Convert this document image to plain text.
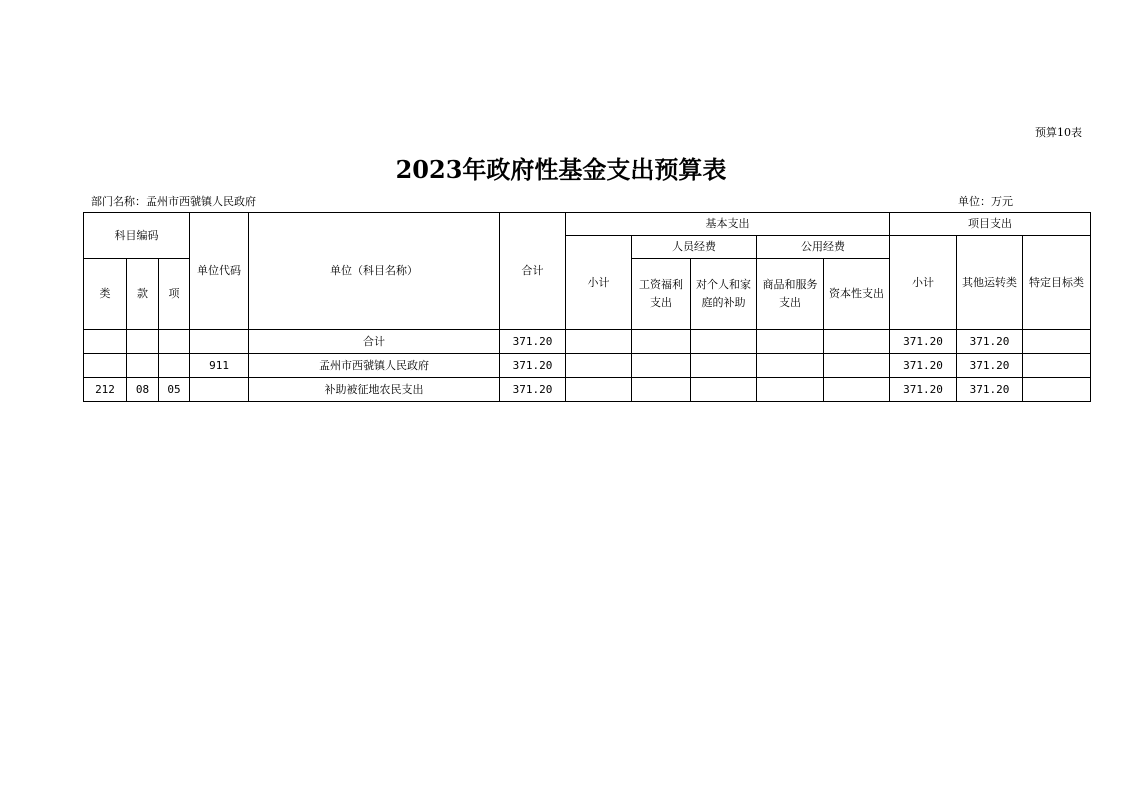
预算10表
2023年政府性基金支出预算表
部门名称：孟州市西虢镇人民政府	单位：万元
科目编码			单位代码	单位（科目名称）	合计	基本支出					项目支出		
						小计	人员经费		公用经费		小计	其他运转类	特定目标类
类	款	项					工资福利支出	对个人和家庭的补助	商品和服务支出	资本性支出			
				合计	371.20						371.20	371.20	
			911	孟州市西虢镇人民政府	371.20						371.20	371.20	
212	08	05		补助被征地农民支出	371.20						371.20	371.20	
